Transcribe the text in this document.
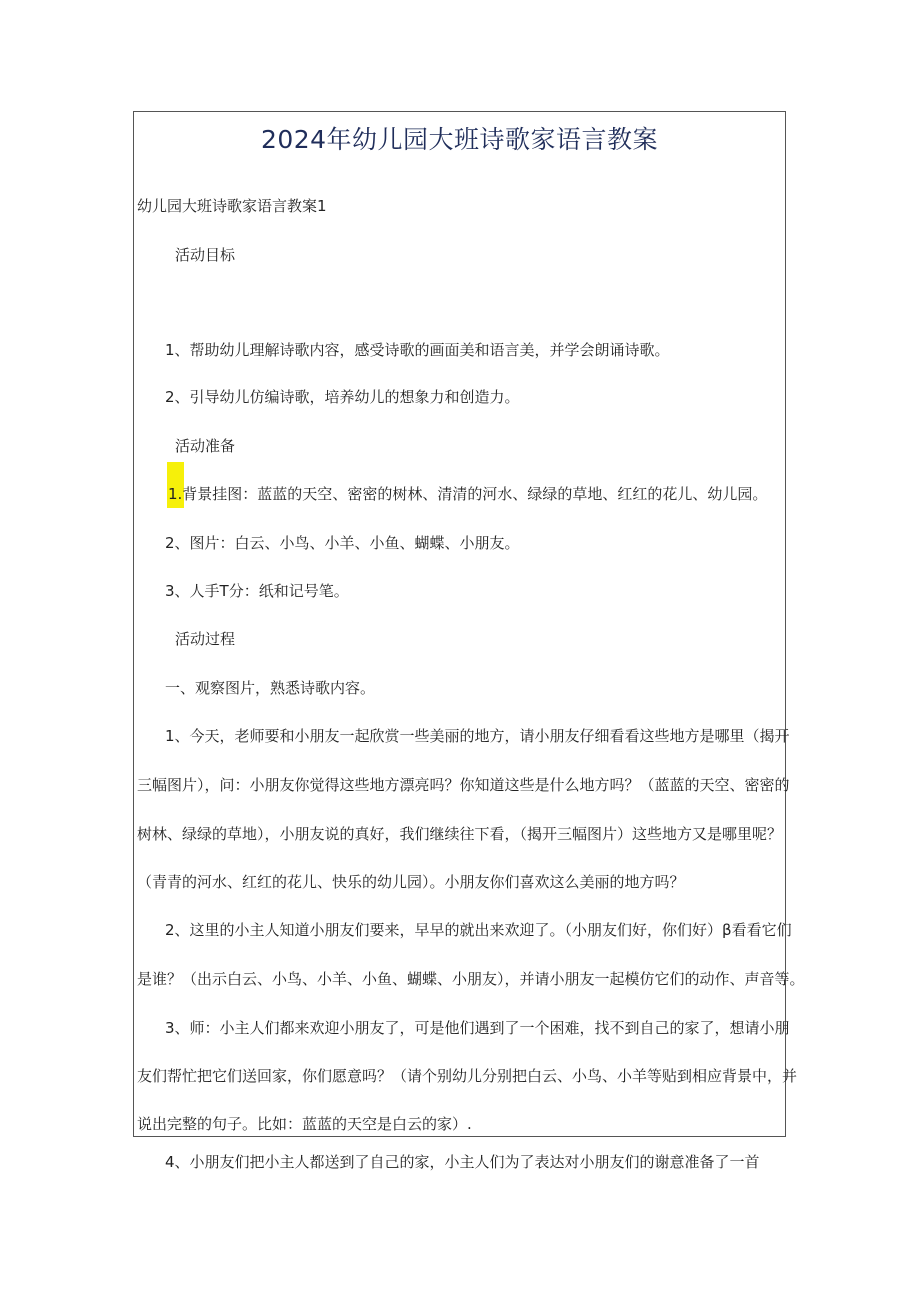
2024年幼儿园大班诗歌家语言教案
幼儿园大班诗歌家语言教案1
活动目标
1、帮助幼儿理解诗歌内容，感受诗歌的画面美和语言美，并学会朗诵诗歌。
2、引导幼儿仿编诗歌，培养幼儿的想象力和创造力。
活动准备
1.背景挂图：蓝蓝的天空、密密的树林、清清的河水、绿绿的草地、红红的花儿、幼儿园。
2、图片：白云、小鸟、小羊、小鱼、蝴蝶、小朋友。
3、人手T分：纸和记号笔。
活动过程
一、观察图片，熟悉诗歌内容。
1、今天，老师要和小朋友一起欣赏一些美丽的地方，请小朋友仔细看看这些地方是哪里（揭开
三幅图片），问：小朋友你觉得这些地方漂亮吗？你知道这些是什么地方吗？（蓝蓝的天空、密密的
树林、绿绿的草地），小朋友说的真好，我们继续往下看，（揭开三幅图片）这些地方又是哪里呢？
（青青的河水、红红的花儿、快乐的幼儿园）。小朋友你们喜欢这么美丽的地方吗？
2、这里的小主人知道小朋友们要来，早早的就出来欢迎了。（小朋友们好，你们好）β看看它们
是谁？（出示白云、小鸟、小羊、小鱼、蝴蝶、小朋友），并请小朋友一起模仿它们的动作、声音等。
3、师：小主人们都来欢迎小朋友了，可是他们遇到了一个困难，找不到自己的家了，想请小朋
友们帮忙把它们送回家，你们愿意吗？（请个别幼儿分别把白云、小鸟、小羊等贴到相应背景中，并
说出完整的句子。比如：蓝蓝的天空是白云的家）.
4、小朋友们把小主人都送到了自己的家，小主人们为了表达对小朋友们的谢意准备了一首
